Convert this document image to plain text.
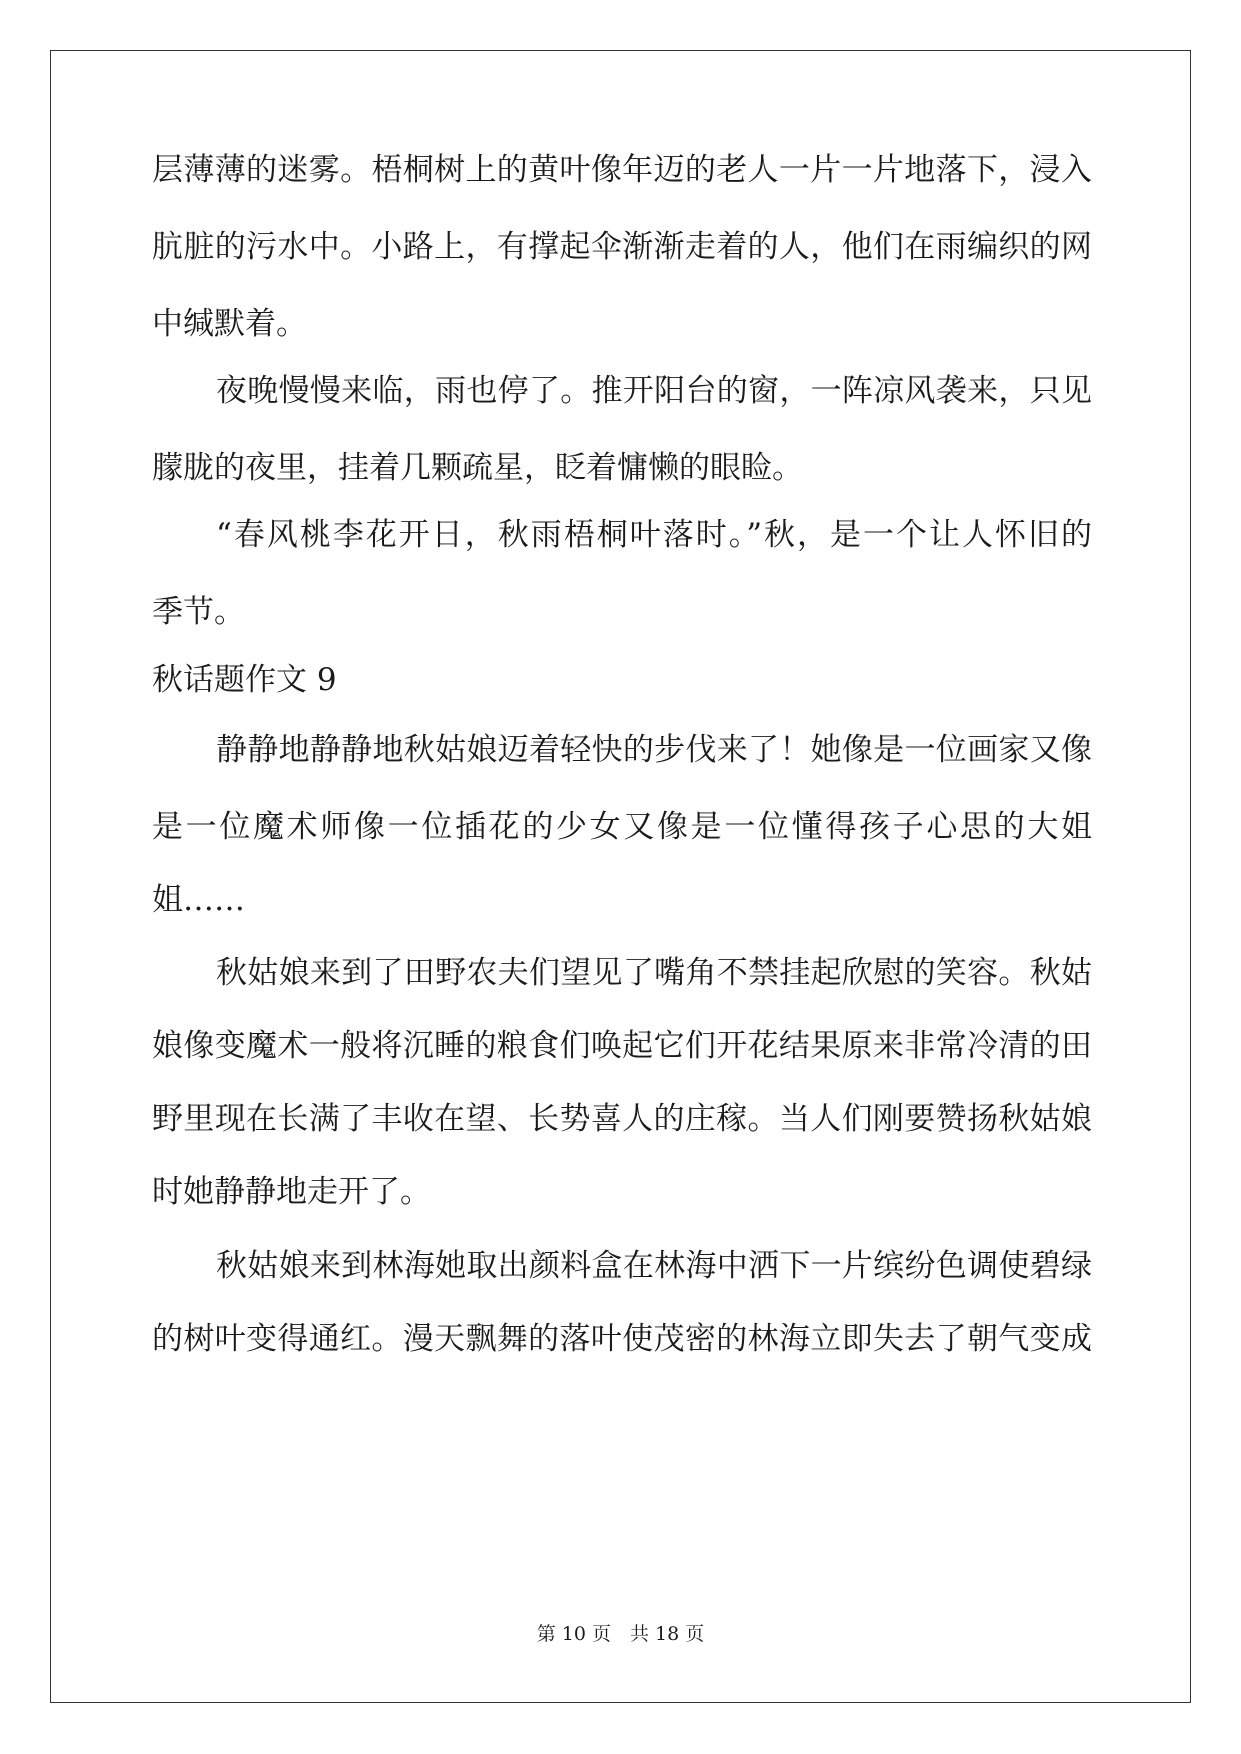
层薄薄的迷雾。梧桐树上的黄叶像年迈的老人一片一片地落下，浸入
肮脏的污水中。小路上，有撑起伞渐渐走着的人，他们在雨编织的网
中缄默着。
夜晚慢慢来临，雨也停了。推开阳台的窗，一阵凉风袭来，只见
朦胧的夜里，挂着几颗疏星，眨着慵懒的眼睑。
“春风桃李花开日，秋雨梧桐叶落时。”秋，是一个让人怀旧的
季节。
秋话题作文 9
静静地静静地秋姑娘迈着轻快的步伐来了！她像是一位画家又像
是一位魔术师像一位插花的少女又像是一位懂得孩子心思的大姐
姐……
秋姑娘来到了田野农夫们望见了嘴角不禁挂起欣慰的笑容。秋姑
娘像变魔术一般将沉睡的粮食们唤起它们开花结果原来非常冷清的田
野里现在长满了丰收在望、长势喜人的庄稼。当人们刚要赞扬秋姑娘
时她静静地走开了。
秋姑娘来到林海她取出颜料盒在林海中洒下一片缤纷色调使碧绿
的树叶变得通红。漫天飘舞的落叶使茂密的林海立即失去了朝气变成
第 10 页　共 18 页
